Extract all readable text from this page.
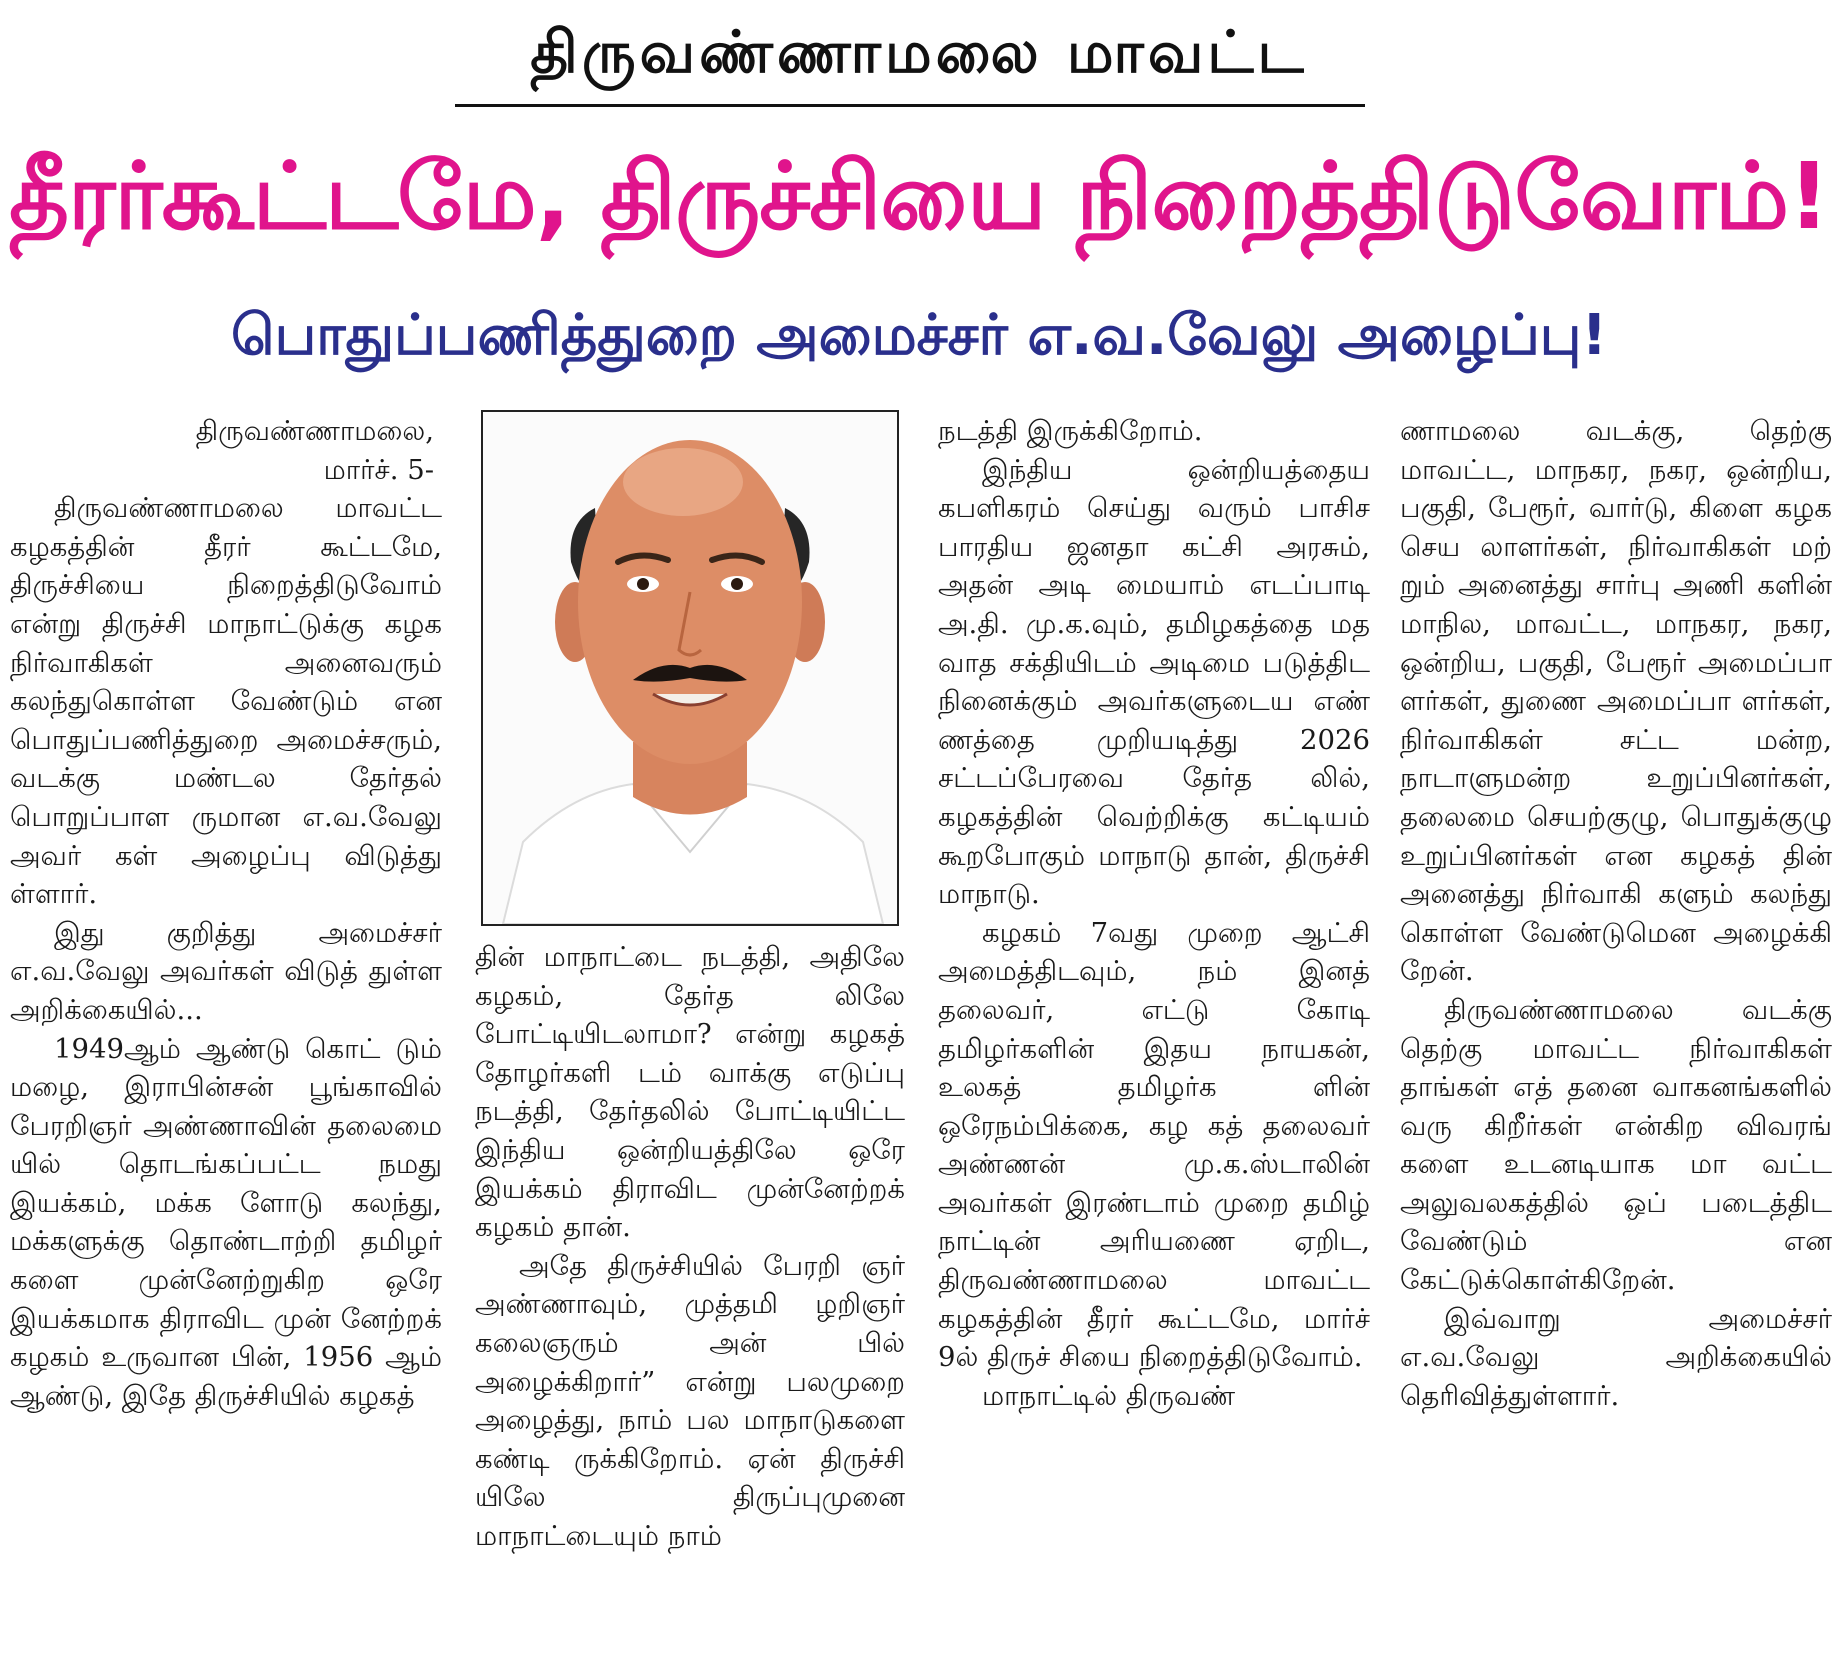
திருவண்ணாமலை மாவட்ட
தீரர்கூட்டமே, திருச்சியை நிறைத்திடுவோம்!
பொதுப்பணித்துறை அமைச்சர் எ.வ.வேலு அழைப்பு!

திருவண்ணாமலை,

மார்ச். 5-

திருவண்ணாமலை மாவட்ட கழகத்தின் தீரர் கூட்டமே, திருச்சியை நிறைத்திடுவோம் என்று திருச்சி மாநாட்டுக்கு கழக நிர்வாகிகள் அனைவரும் கலந்துகொள்ள வேண்டும் என பொதுப்பணித்துறை அமைச்சரும், வடக்கு மண்டல தேர்தல் பொறுப்பாள ருமான எ.வ.வேலு அவர் கள் அழைப்பு விடுத்து ள்ளார்.

இது குறித்து அமைச்சர் எ.வ.வேலு அவர்கள் விடுத் துள்ள அறிக்கையில்...

1949ஆம் ஆண்டு கொட் டும் மழை, இராபின்சன் பூங்காவில் பேரறிஞர் அண்ணாவின் தலைமை யில் தொடங்கப்பட்ட நமது இயக்கம், மக்க ளோடு கலந்து, மக்களுக்கு தொண்டாற்றி தமிழர் களை முன்னேற்றுகிற ஒரே இயக்கமாக திராவிட முன் னேற்றக் கழகம் உருவான பின், 1956 ஆம் ஆண்டு, இதே திருச்சியில் கழகத்

தின் மாநாட்டை நடத்தி, அதிலே கழகம், தேர்த லிலே போட்டியிடலாமா? என்று கழகத் தோழர்களி டம் வாக்கு எடுப்பு நடத்தி, தேர்தலில் போட்டியிட்ட இந்திய ஒன்றியத்திலே ஒரே இயக்கம் திராவிட முன்னேற்றக் கழகம் தான்.

அதே திருச்சியில் பேரறி ஞர் அண்ணாவும், முத்தமி ழறிஞர் கலைஞரும் அன் பில் அழைக்கிறார்” என்று பலமுறை அழைத்து, நாம் பல மாநாடுகளை கண்டி ருக்கிறோம். ஏன் திருச்சி யிலே திருப்புமுனை மாநாட்டையும் நாம்

நடத்தி இருக்கிறோம்.

இந்திய ஒன்றியத்தைய கபளிகரம் செய்து வரும் பாசிச பாரதிய ஜனதா கட்சி அரசும், அதன் அடி மையாம் எடப்பாடி அ.தி. மு.க.வும், தமிழகத்தை மத வாத சக்தியிடம் அடிமை படுத்திட நினைக்கும் அவர்களுடைய எண் ணத்தை முறியடித்து 2026 சட்டப்பேரவை தேர்த லில், கழகத்தின் வெற்றிக்கு கட்டியம் கூறபோகும் மாநாடு தான், திருச்சி மாநாடு.

கழகம் 7வது முறை ஆட்சி அமைத்திடவும், நம் இனத் தலைவர், எட்டு கோடி தமிழர்களின் இதய நாயகன், உலகத் தமிழர்க ளின் ஒரேநம்பிக்கை, கழ கத் தலைவர் அண்ணன் மு.க.ஸ்டாலின் அவர்கள் இரண்டாம் முறை தமிழ் நாட்டின் அரியணை ஏறிட, திருவண்ணாமலை மாவட்ட கழகத்தின் தீரர் கூட்டமே, மார்ச் 9ல் திருச் சியை நிறைத்திடுவோம்.

மாநாட்டில் திருவண்

ணாமலை வடக்கு, தெற்கு மாவட்ட, மாநகர, நகர, ஒன்றிய, பகுதி, பேரூர், வார்டு, கிளை கழக செய லாளர்கள், நிர்வாகிகள் மற் றும் அனைத்து சார்பு அணி களின் மாநில, மாவட்ட, மாநகர, நகர, ஒன்றிய, பகுதி, பேரூர் அமைப்பா ளர்கள், துணை அமைப்பா ளர்கள், நிர்வாகிகள் சட்ட மன்ற, நாடாளுமன்ற உறுப்பினர்கள், தலைமை செயற்குழு, பொதுக்குழு உறுப்பினர்கள் என கழகத் தின் அனைத்து நிர்வாகி களும் கலந்து கொள்ள வேண்டுமென அழைக்கி றேன்.

திருவண்ணாமலை வடக்கு தெற்கு மாவட்ட நிர்வாகிகள் தாங்கள் எத் தனை வாகனங்களில் வரு கிறீர்கள் என்கிற விவரங் களை உடனடியாக மா வட்ட அலுவலகத்தில் ஒப் படைத்திட வேண்டும் என கேட்டுக்கொள்கிறேன்.

இவ்வாறு அமைச்சர் எ.வ.வேலு அறிக்கையில் தெரிவித்துள்ளார்.
